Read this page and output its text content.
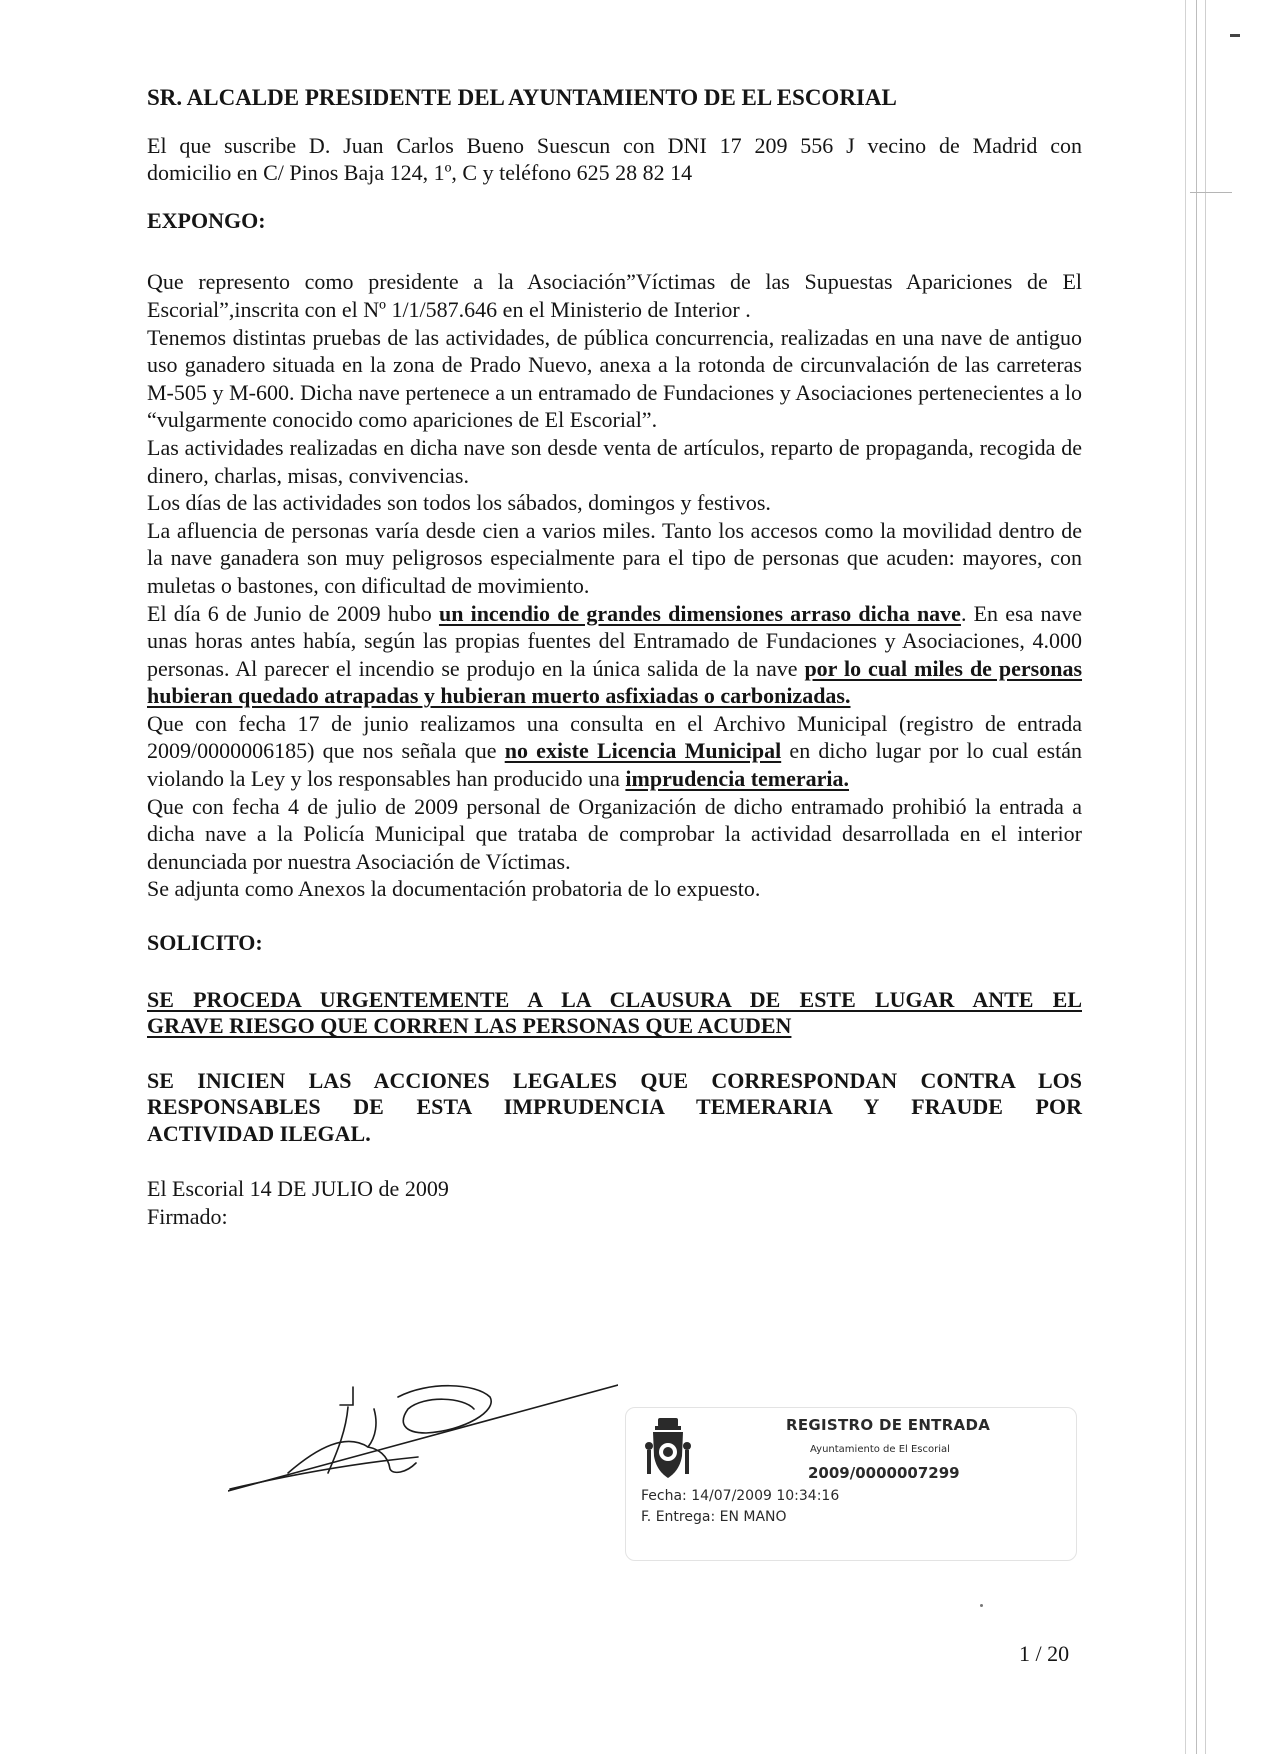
SR. ALCALDE PRESIDENTE DEL AYUNTAMIENTO DE EL ESCORIAL

El que suscribe D. Juan Carlos Bueno Suescun con DNI 17 209 556 J vecino de Madrid con
domicilio en C/ Pinos Baja 124, 1º, C y teléfono 625 28 82 14

EXPONGO:

Que represento como presidente a la Asociación”Víctimas de las Supuestas Apariciones de El Escorial”,inscrita con el Nº 1/1/587.646 en el Ministerio de Interior .

Tenemos distintas pruebas de las actividades, de pública concurrencia, realizadas en una nave de antiguo uso ganadero situada en la zona de Prado Nuevo, anexa a la rotonda de circunvalación de las carreteras M-505 y M-600. Dicha nave pertenece a un entramado de Fundaciones y Asociaciones pertenecientes a lo “vulgarmente conocido como apariciones de El Escorial”.

Las actividades realizadas en dicha nave son desde venta de artículos, reparto de propaganda, recogida de dinero, charlas, misas, convivencias.

Los días de las actividades son todos los sábados, domingos y festivos.

La afluencia de personas varía desde cien a varios miles. Tanto los accesos como la movilidad dentro de la nave ganadera son muy peligrosos especialmente para el tipo de personas que acuden: mayores, con muletas o bastones, con dificultad de movimiento.

El día 6 de Junio de 2009 hubo un incendio de grandes dimensiones arraso dicha nave. En esa nave unas horas antes había, según las propias fuentes del Entramado de Fundaciones y Asociaciones, 4.000 personas. Al parecer el incendio se produjo en la única salida de la nave por lo cual miles de personas hubieran quedado atrapadas y hubieran muerto asfixiadas o carbonizadas.

Que con fecha 17 de junio realizamos una consulta en el Archivo Municipal (registro de entrada 2009/0000006185) que nos señala que no existe Licencia Municipal en dicho lugar por lo cual están violando la Ley y los responsables han producido una imprudencia temeraria.

Que con fecha 4 de julio de 2009 personal de Organización de dicho entramado prohibió la entrada a dicha nave a la Policía Municipal que trataba de comprobar la actividad desarrollada en el interior denunciada por nuestra Asociación de Víctimas.

Se adjunta como Anexos la documentación probatoria de lo expuesto.

SOLICITO:

SE PROCEDA URGENTEMENTE A LA CLAUSURA DE ESTE LUGAR ANTE EL
GRAVE RIESGO QUE CORREN LAS PERSONAS QUE ACUDEN
SE INICIEN LAS ACCIONES LEGALES QUE CORRESPONDAN CONTRA LOS
RESPONSABLES DE ESTA IMPRUDENCIA TEMERARIA Y FRAUDE POR
ACTIVIDAD ILEGAL.

El Escorial 14 DE JULIO de 2009

Firmado:

REGISTRO DE ENTRADA
Ayuntamiento de El Escorial
2009/0000007299
Fecha: 14/07/2009 10:34:16
F. Entrega: EN MANO
1 / 20
